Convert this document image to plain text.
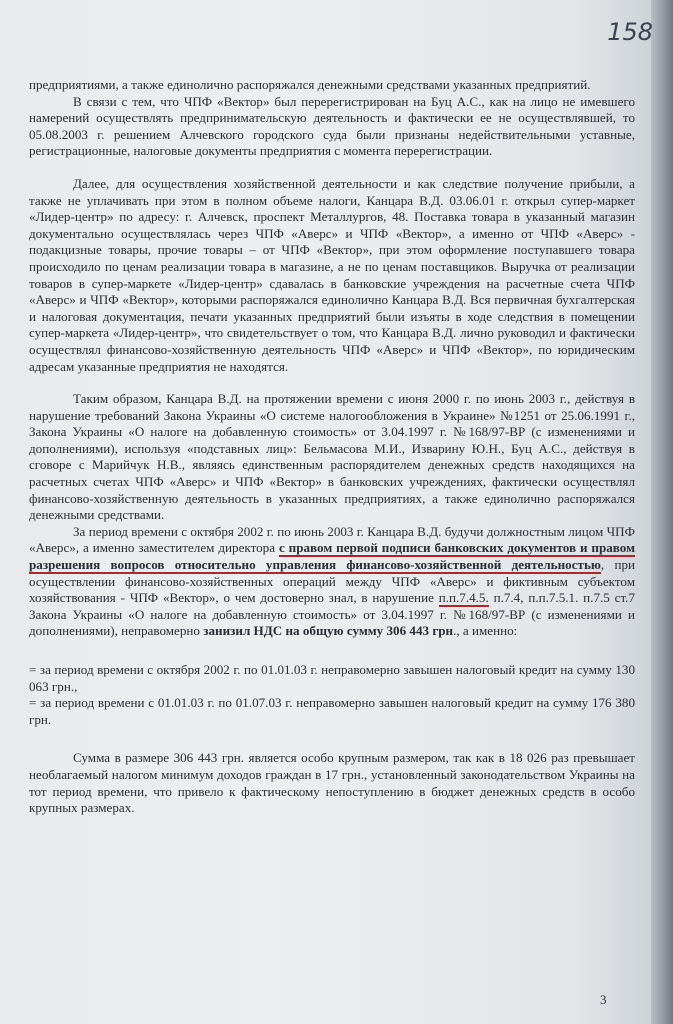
158

предприятиями, а также единолично распоряжался денежными средствами указанных предприятий.

В связи с тем, что ЧПФ «Вектор» был перерегистрирован на Буц А.С., как на лицо не имевшего намерений осуществлять предпринимательскую деятельность и фактически ее не осуществлявшей, то 05.08.2003 г. решением Алчевского городского суда были признаны недействительными уставные, регистрационные, налоговые документы предприятия с момента перерегистрации.

Далее, для осуществления хозяйственной деятельности и как следствие получение прибыли, а также не уплачивать при этом в полном объеме налоги, Канцара В.Д. 03.06.01 г. открыл супер-маркет «Лидер-центр» по адресу: г. Алчевск, проспект Металлургов, 48. Поставка товара в указанный магазин документально осуществлялась через ЧПФ «Аверс» и ЧПФ «Вектор», а именно от ЧПФ «Аверс» - подакцизные товары, прочие товары – от ЧПФ «Вектор», при этом оформление поступавшего товара происходило по ценам реализации товара в магазине, а не по ценам поставщиков. Выручка от реализации товаров в супер-маркете «Лидер-центр» сдавалась в банковские учреждения на расчетные счета ЧПФ «Аверс» и ЧПФ «Вектор», которыми распоряжался единолично Канцара В.Д. Вся первичная бухгалтерская и налоговая документация, печати указанных предприятий были изъяты в ходе следствия в помещении супер-маркета «Лидер-центр», что свидетельствует о том, что Канцара В.Д. лично руководил и фактически осуществлял финансово-хозяйственную деятельность ЧПФ «Аверс» и ЧПФ «Вектор», по юридическим адресам указанные предприятия не находятся.

Таким образом, Канцара В.Д. на протяжении времени с июня 2000 г. по июнь 2003 г., действуя в нарушение требований Закона Украины «О системе налогообложения в Украине» №1251 от 25.06.1991 г., Закона Украины «О налоге на добавленную стоимость» от 3.04.1997 г. №168/97-ВР (с изменениями и дополнениями), используя «подставных лиц»: Бельмасова М.И., Изварину Ю.Н., Буц А.С., действуя в сговоре с Марийчук Н.В., являясь единственным распорядителем денежных средств находящихся на расчетных счетах ЧПФ «Аверс» и ЧПФ «Вектор» в банковских учреждениях, фактически осуществлял финансово-хозяйственную деятельность в указанных предприятиях, а также единолично распоряжался денежными средствами.

За период времени с октября 2002 г. по июнь 2003 г. Канцара В.Д. будучи должностным лицом ЧПФ «Аверс», а именно заместителем директора с правом первой подписи банковских документов и правом разрешения вопросов относительно управления финансово-хозяйственной деятельностью, при осуществлении финансово-хозяйственных операций между ЧПФ «Аверс» и фиктивным субъектом хозяйствования - ЧПФ «Вектор», о чем достоверно знал, в нарушение п.п.7.4.5. п.7.4, п.п.7.5.1. п.7.5 ст.7 Закона Украины «О налоге на добавленную стоимость» от 3.04.1997 г. №168/97-ВР (с изменениями и дополнениями), неправомерно занизил НДС на общую сумму 306 443 грн., а именно:

= за период времени с октября 2002 г. по 01.01.03 г. неправомерно завышен налоговый кредит на сумму 130 063 грн.,

= за период времени с 01.01.03 г. по 01.07.03 г. неправомерно завышен налоговый кредит на сумму 176 380 грн.

Сумма в размере 306 443 грн. является особо крупным размером, так как в 18 026 раз превышает необлагаемый налогом минимум доходов граждан в 17 грн., установленный законодательством Украины на тот период времени, что привело к фактическому непоступлению в бюджет денежных средств в особо крупных размерах.

3
